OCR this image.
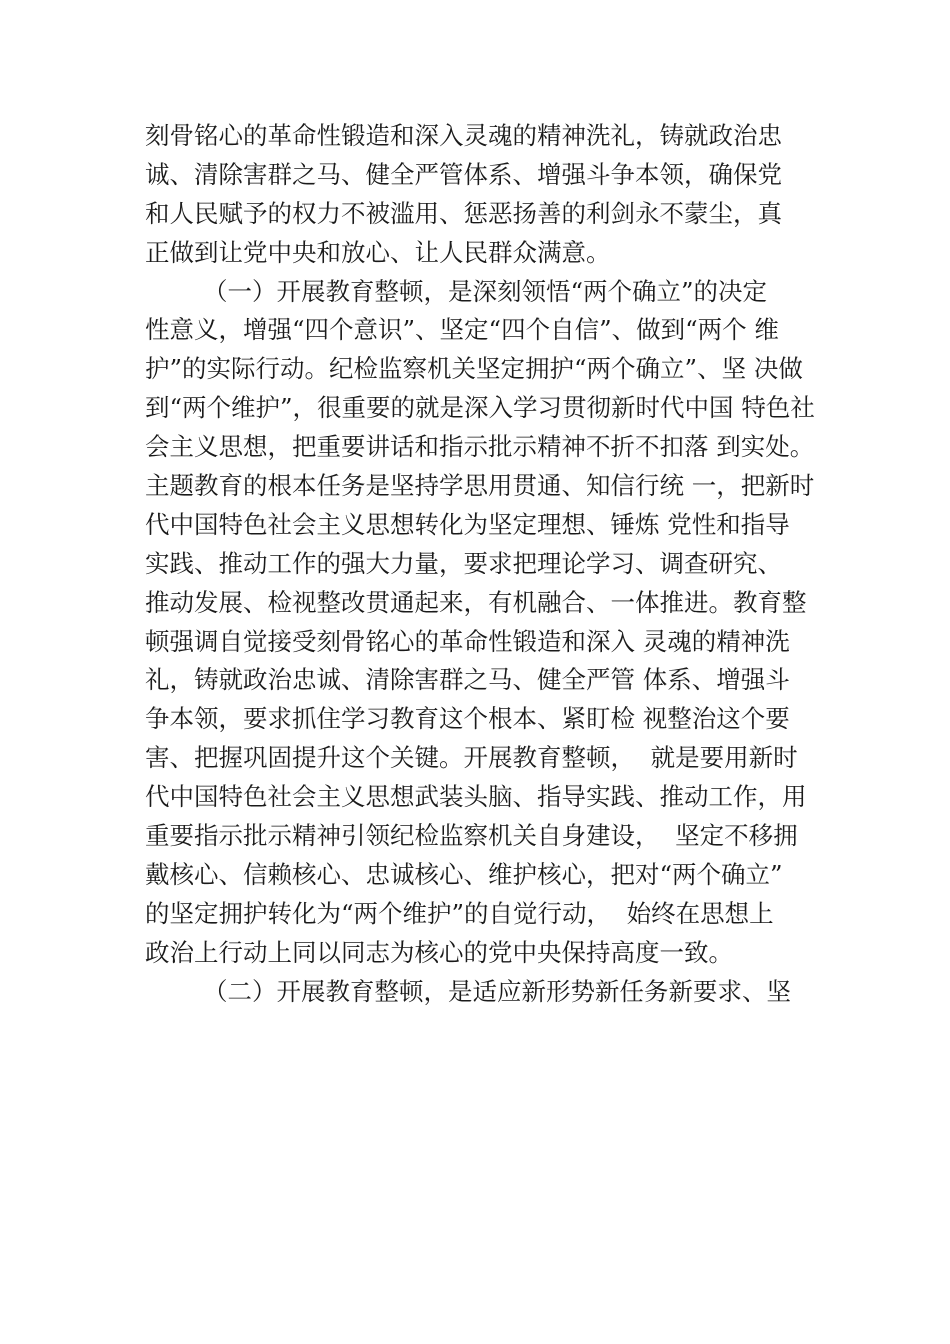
刻骨铭心的革命性锻造和深入灵魂的精神洗礼，铸就政治忠
诚、清除害群之马、健全严管体系、增强斗争本领，确保党
和人民赋予的权力不被滥用、惩恶扬善的利剑永不蒙尘，真
正做到让党中央和放心、让人民群众满意。
（一）开展教育整顿，是深刻领悟“两个确立”的决定
性意义，增强“四个意识”、坚定“四个自信”、做到“两个 维
护”的实际行动。纪检监察机关坚定拥护“两个确立”、坚 决做
到“两个维护”，很重要的就是深入学习贯彻新时代中国 特色社
会主义思想，把重要讲话和指示批示精神不折不扣落 到实处。
主题教育的根本任务是坚持学思用贯通、知信行统 一，把新时
代中国特色社会主义思想转化为坚定理想、锤炼 党性和指导
实践、推动工作的强大力量，要求把理论学习、调查研究、
推动发展、检视整改贯通起来，有机融合、一体推进。教育整
顿强调自觉接受刻骨铭心的革命性锻造和深入 灵魂的精神洗
礼，铸就政治忠诚、清除害群之马、健全严管 体系、增强斗
争本领，要求抓住学习教育这个根本、紧盯检 视整治这个要
害、把握巩固提升这个关键。开展教育整顿，  就是要用新时
代中国特色社会主义思想武装头脑、指导实践、推动工作，用
重要指示批示精神引领纪检监察机关自身建设，  坚定不移拥
戴核心、信赖核心、忠诚核心、维护核心，把对“两个确立”
的坚定拥护转化为“两个维护”的自觉行动，  始终在思想上
政治上行动上同以同志为核心的党中央保持高度一致。
（二）开展教育整顿，是适应新形势新任务新要求、坚
